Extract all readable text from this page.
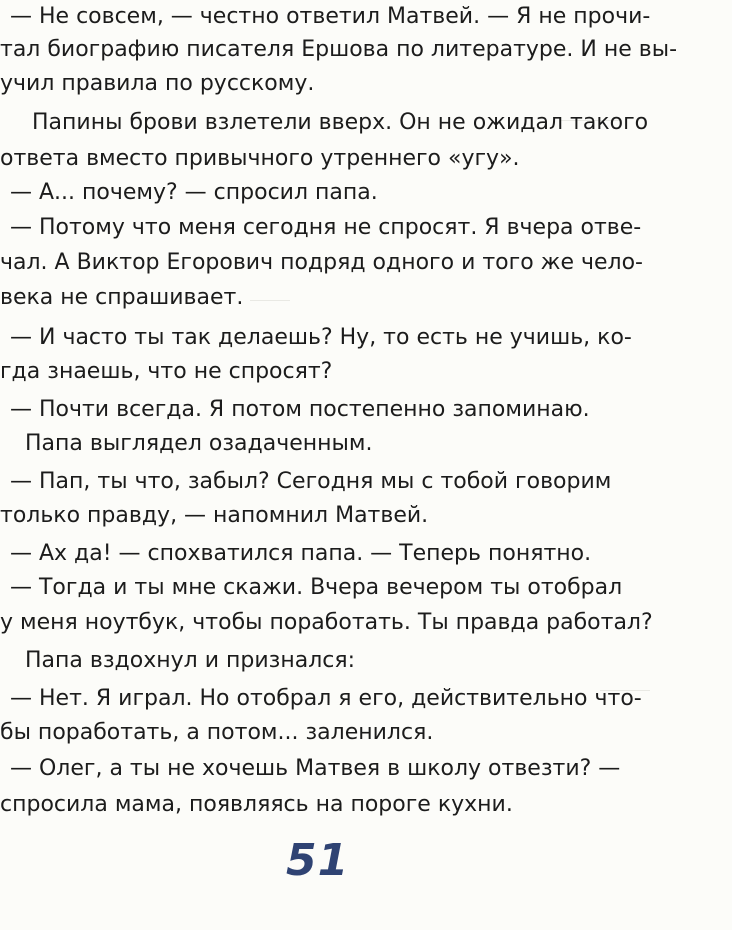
— Не совсем, — честно ответил Матвей. — Я не прочи-

тал биографию писателя Ершова по литературе. И не вы-

учил правила по русскому.

Папины брови взлетели вверх. Он не ожидал такого

ответа вместо привычного утреннего «угу».

— А... почему? — спросил папа.

— Потому что меня сегодня не спросят. Я вчера отве-

чал. А Виктор Егорович подряд одного и того же чело-

века не спрашивает.

— И часто ты так делаешь? Ну, то есть не учишь, ко-

гда знаешь, что не спросят?

— Почти всегда. Я потом постепенно запоминаю.

Папа выглядел озадаченным.

— Пап, ты что, забыл? Сегодня мы с тобой говорим

только правду, — напомнил Матвей.

— Ах да! — спохватился папа. — Теперь понятно.

— Тогда и ты мне скажи. Вчера вечером ты отобрал

у меня ноутбук, чтобы поработать. Ты правда работал?

Папа вздохнул и признался:

— Нет. Я играл. Но отобрал я его, действительно что-

бы поработать, а потом... заленился.

— Олег, а ты не хочешь Матвея в школу отвезти? —

спросила мама, появляясь на пороге кухни.

51
